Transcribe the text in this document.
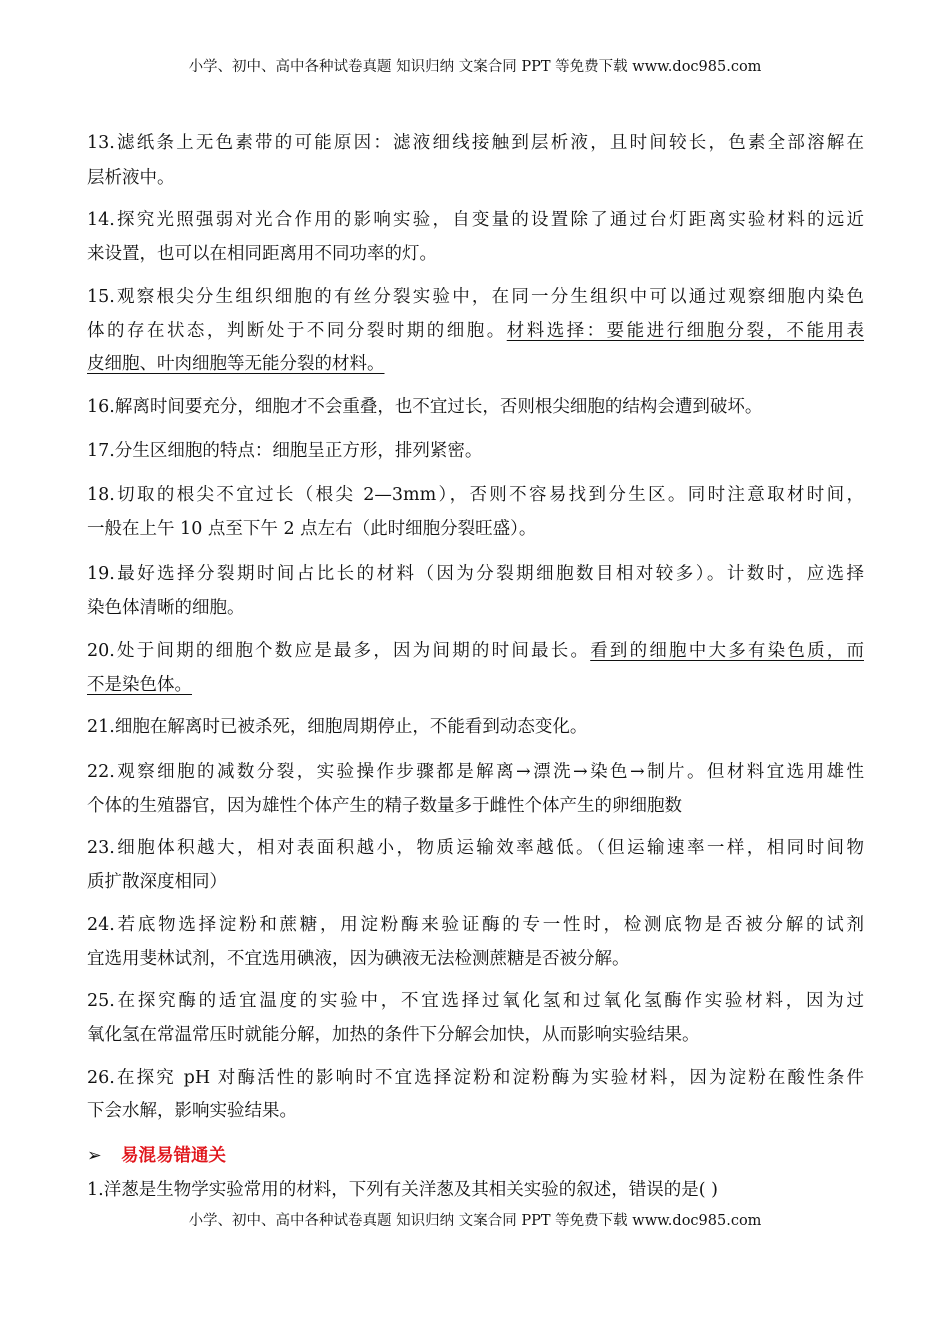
小学、初中、高中各种试卷真题 知识归纳 文案合同 PPT 等免费下载 www.doc985.com
13.滤纸条上无色素带的可能原因：滤液细线接触到层析液，且时间较长，色素全部溶解在
层析液中。
14.探究光照强弱对光合作用的影响实验，自变量的设置除了通过台灯距离实验材料的远近
来设置，也可以在相同距离用不同功率的灯。
15.观察根尖分生组织细胞的有丝分裂实验中，在同一分生组织中可以通过观察细胞内染色
体的存在状态，判断处于不同分裂时期的细胞。材料选择：要能进行细胞分裂，不能用表
皮细胞、叶肉细胞等无能分裂的材料。
16.解离时间要充分，细胞才不会重叠，也不宜过长，否则根尖细胞的结构会遭到破坏。
17.分生区细胞的特点：细胞呈正方形，排列紧密。
18.切取的根尖不宜过长（根尖 2—3mm），否则不容易找到分生区。同时注意取材时间，
一般在上午 10 点至下午 2 点左右（此时细胞分裂旺盛）。
19.最好选择分裂期时间占比长的材料（因为分裂期细胞数目相对较多）。计数时，应选择
染色体清晰的细胞。
20.处于间期的细胞个数应是最多，因为间期的时间最长。看到的细胞中大多有染色质，而
不是染色体。
21.细胞在解离时已被杀死，细胞周期停止，不能看到动态变化。
22.观察细胞的减数分裂，实验操作步骤都是解离→漂洗→染色→制片。但材料宜选用雄性
个体的生殖器官，因为雄性个体产生的精子数量多于雌性个体产生的卵细胞数
23.细胞体积越大，相对表面积越小，物质运输效率越低。（但运输速率一样，相同时间物
质扩散深度相同）
24.若底物选择淀粉和蔗糖，用淀粉酶来验证酶的专一性时，检测底物是否被分解的试剂
宜选用斐林试剂，不宜选用碘液，因为碘液无法检测蔗糖是否被分解。
25.在探究酶的适宜温度的实验中，不宜选择过氧化氢和过氧化氢酶作实验材料，因为过
氧化氢在常温常压时就能分解，加热的条件下分解会加快，从而影响实验结果。
26.在探究 pH 对酶活性的影响时不宜选择淀粉和淀粉酶为实验材料，因为淀粉在酸性条件
下会水解，影响实验结果。
➢ 易混易错通关
1.洋葱是生物学实验常用的材料，下列有关洋葱及其相关实验的叙述，错误的是( )
小学、初中、高中各种试卷真题 知识归纳 文案合同 PPT 等免费下载 www.doc985.com
